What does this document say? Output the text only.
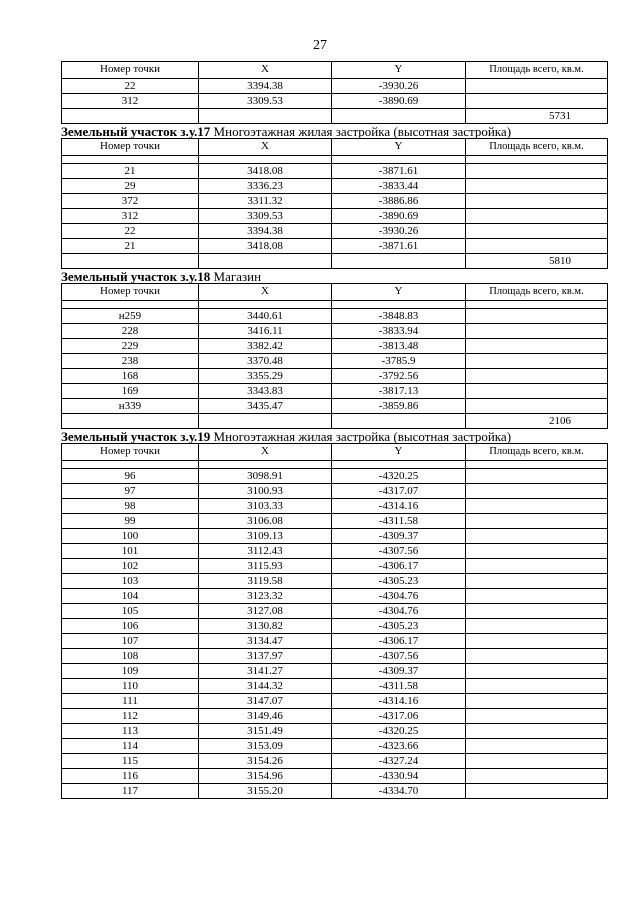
27
Номер точки	X	Y	Площадь всего, кв.м.
22	3394.38	-3930.26	
312	3309.53	-3890.69	
			5731
Земельный участок з.у.17 Многоэтажная жилая застройка (высотная застройка)
Номер точки	X	Y	Площадь всего, кв.м.

21	3418.08	-3871.61	
29	3336.23	-3833.44	
372	3311.32	-3886.86	
312	3309.53	-3890.69	
22	3394.38	-3930.26	
21	3418.08	-3871.61	
			5810
Земельный участок з.у.18 Магазин
Номер точки	X	Y	Площадь всего, кв.м.

н259	3440.61	-3848.83	
228	3416.11	-3833.94	
229	3382.42	-3813.48	
238	3370.48	-3785.9	
168	3355.29	-3792.56	
169	3343.83	-3817.13	
н339	3435.47	-3859.86	
			2106
Земельный участок з.у.19 Многоэтажная жилая застройка (высотная застройка)
Номер точки	X	Y	Площадь всего, кв.м.

96	3098.91	-4320.25	
97	3100.93	-4317.07	
98	3103.33	-4314.16	
99	3106.08	-4311.58	
100	3109.13	-4309.37	
101	3112.43	-4307.56	
102	3115.93	-4306.17	
103	3119.58	-4305.23	
104	3123.32	-4304.76	
105	3127.08	-4304.76	
106	3130.82	-4305.23	
107	3134.47	-4306.17	
108	3137.97	-4307.56	
109	3141.27	-4309.37	
110	3144.32	-4311.58	
111	3147.07	-4314.16	
112	3149.46	-4317.06	
113	3151.49	-4320.25	
114	3153.09	-4323.66	
115	3154.26	-4327.24	
116	3154.96	-4330.94	
117	3155.20	-4334.70	
